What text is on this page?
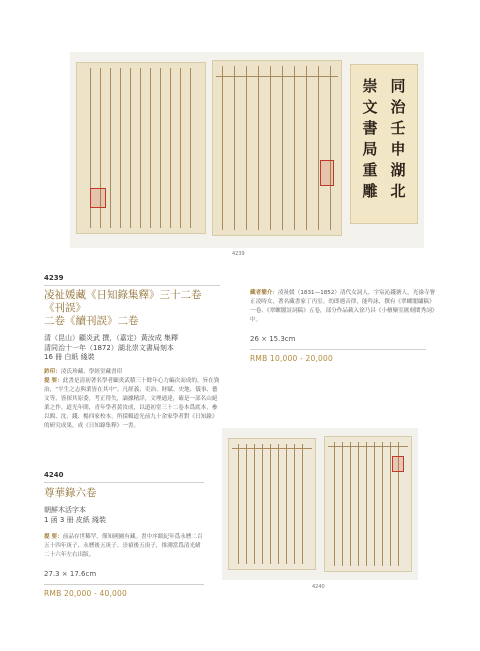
同治壬申湖北
崇文書局重雕
4239
4239
凌祉媛藏《日知錄集釋》三十二卷《刊誤》
二卷《續刊誤》二卷
清（昆山）顧炎武 撰，（嘉定）黃汝成 集釋
清同治十一年（1872）湖北崇文書局刻本
16 冊 白紙 綫裝
鈐印：凌氏珍藏、學經堂藏書印
提 要：此書是清初著名學者顧炎武積三十餘年心力編次而成的，旨在資治，“平生之志與業皆在其中”。凡經義、吏治、財賦、史地、儀事、藝文等，皆探其原委，考正得失，論據精詳，文理通達，確是一部名山絕業之作。道光年間，青年學者黃汝成，以道初堂三十二卷本爲底本，參以閻、沈、錢、楊四家校本，所採輯道光前九十余家學者對《日知錄》的研究成果，成《日知錄集釋》一書。
藏者簡介：凌祉媛（1831—1852）清代女詞人，字宸沁錢塘人，光祿寺署正凌時女，著名藏書家丁丙室。幼即遇音律，能吟詠，撰有《翠螺閣繡稿》一卷、《翠螺閣詩詞稿》五卷，部分作品載入徐乃昌《小檀欒室匯刻閨秀詞》中。
26 × 15.3cm
RMB 10,000 - 20,000
4240
4240
尊華錄六卷
朝鮮木活字本
1 函 3 冊 皮紙 綫裝
提 要：前品存世稀罕，僅知國圖有藏。書中序跋紀年爲永曆二百五十四年庚子、永曆後五庚子、崇禎後五庚子，推測當爲清光緒二十六年左右出版。
27.3 × 17.6cm
RMB 20,000 - 40,000
